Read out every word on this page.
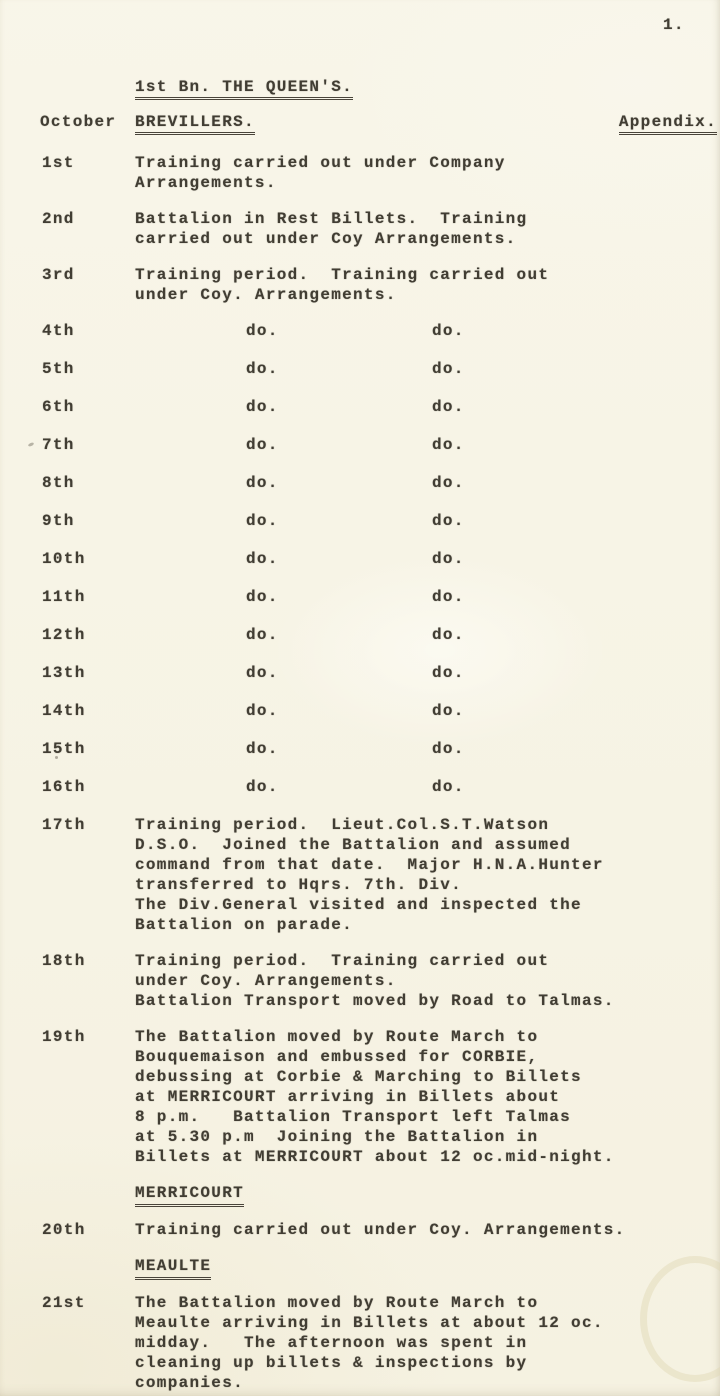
1.
1st Bn. THE QUEEN'S.
October BREVILLERS.	Appendix.
1st	Training carried out under Company
Arrangements.
2nd	Battalion in Rest Billets.  Training
carried out under Coy Arrangements.
3rd	Training period.  Training carried out
under Coy. Arrangements.
4th	do.	do.
5th	do.	do.
6th	do.	do.
7th	do.	do.
8th	do.	do.
9th	do.	do.
10th	do.	do.
11th	do.	do.
12th	do.	do.
13th	do.	do.
14th	do.	do.
15th	do.	do.
16th	do.	do.
17th	Training period.  Lieut.Col.S.T.Watson
D.S.O.  Joined the Battalion and assumed
command from that date.  Major H.N.A.Hunter
transferred to Hqrs. 7th. Div.
The Div.General visited and inspected the
Battalion on parade.
18th	Training period.  Training carried out
under Coy. Arrangements.
Battalion Transport moved by Road to Talmas.
19th	The Battalion moved by Route March to
Bouquemaison and embussed for CORBIE,
debussing at Corbie & Marching to Billets
at MERRICOURT arriving in Billets about
8 p.m.   Battalion Transport left Talmas
at 5.30 p.m  Joining the Battalion in
Billets at MERRICOURT about 12 oc.mid-night.
MERRICOURT
20th	Training carried out under Coy. Arrangements.
MEAULTE
21st	The Battalion moved by Route March to
Meaulte arriving in Billets at about 12 oc.
midday.   The afternoon was spent in
cleaning up billets & inspections by
companies.
